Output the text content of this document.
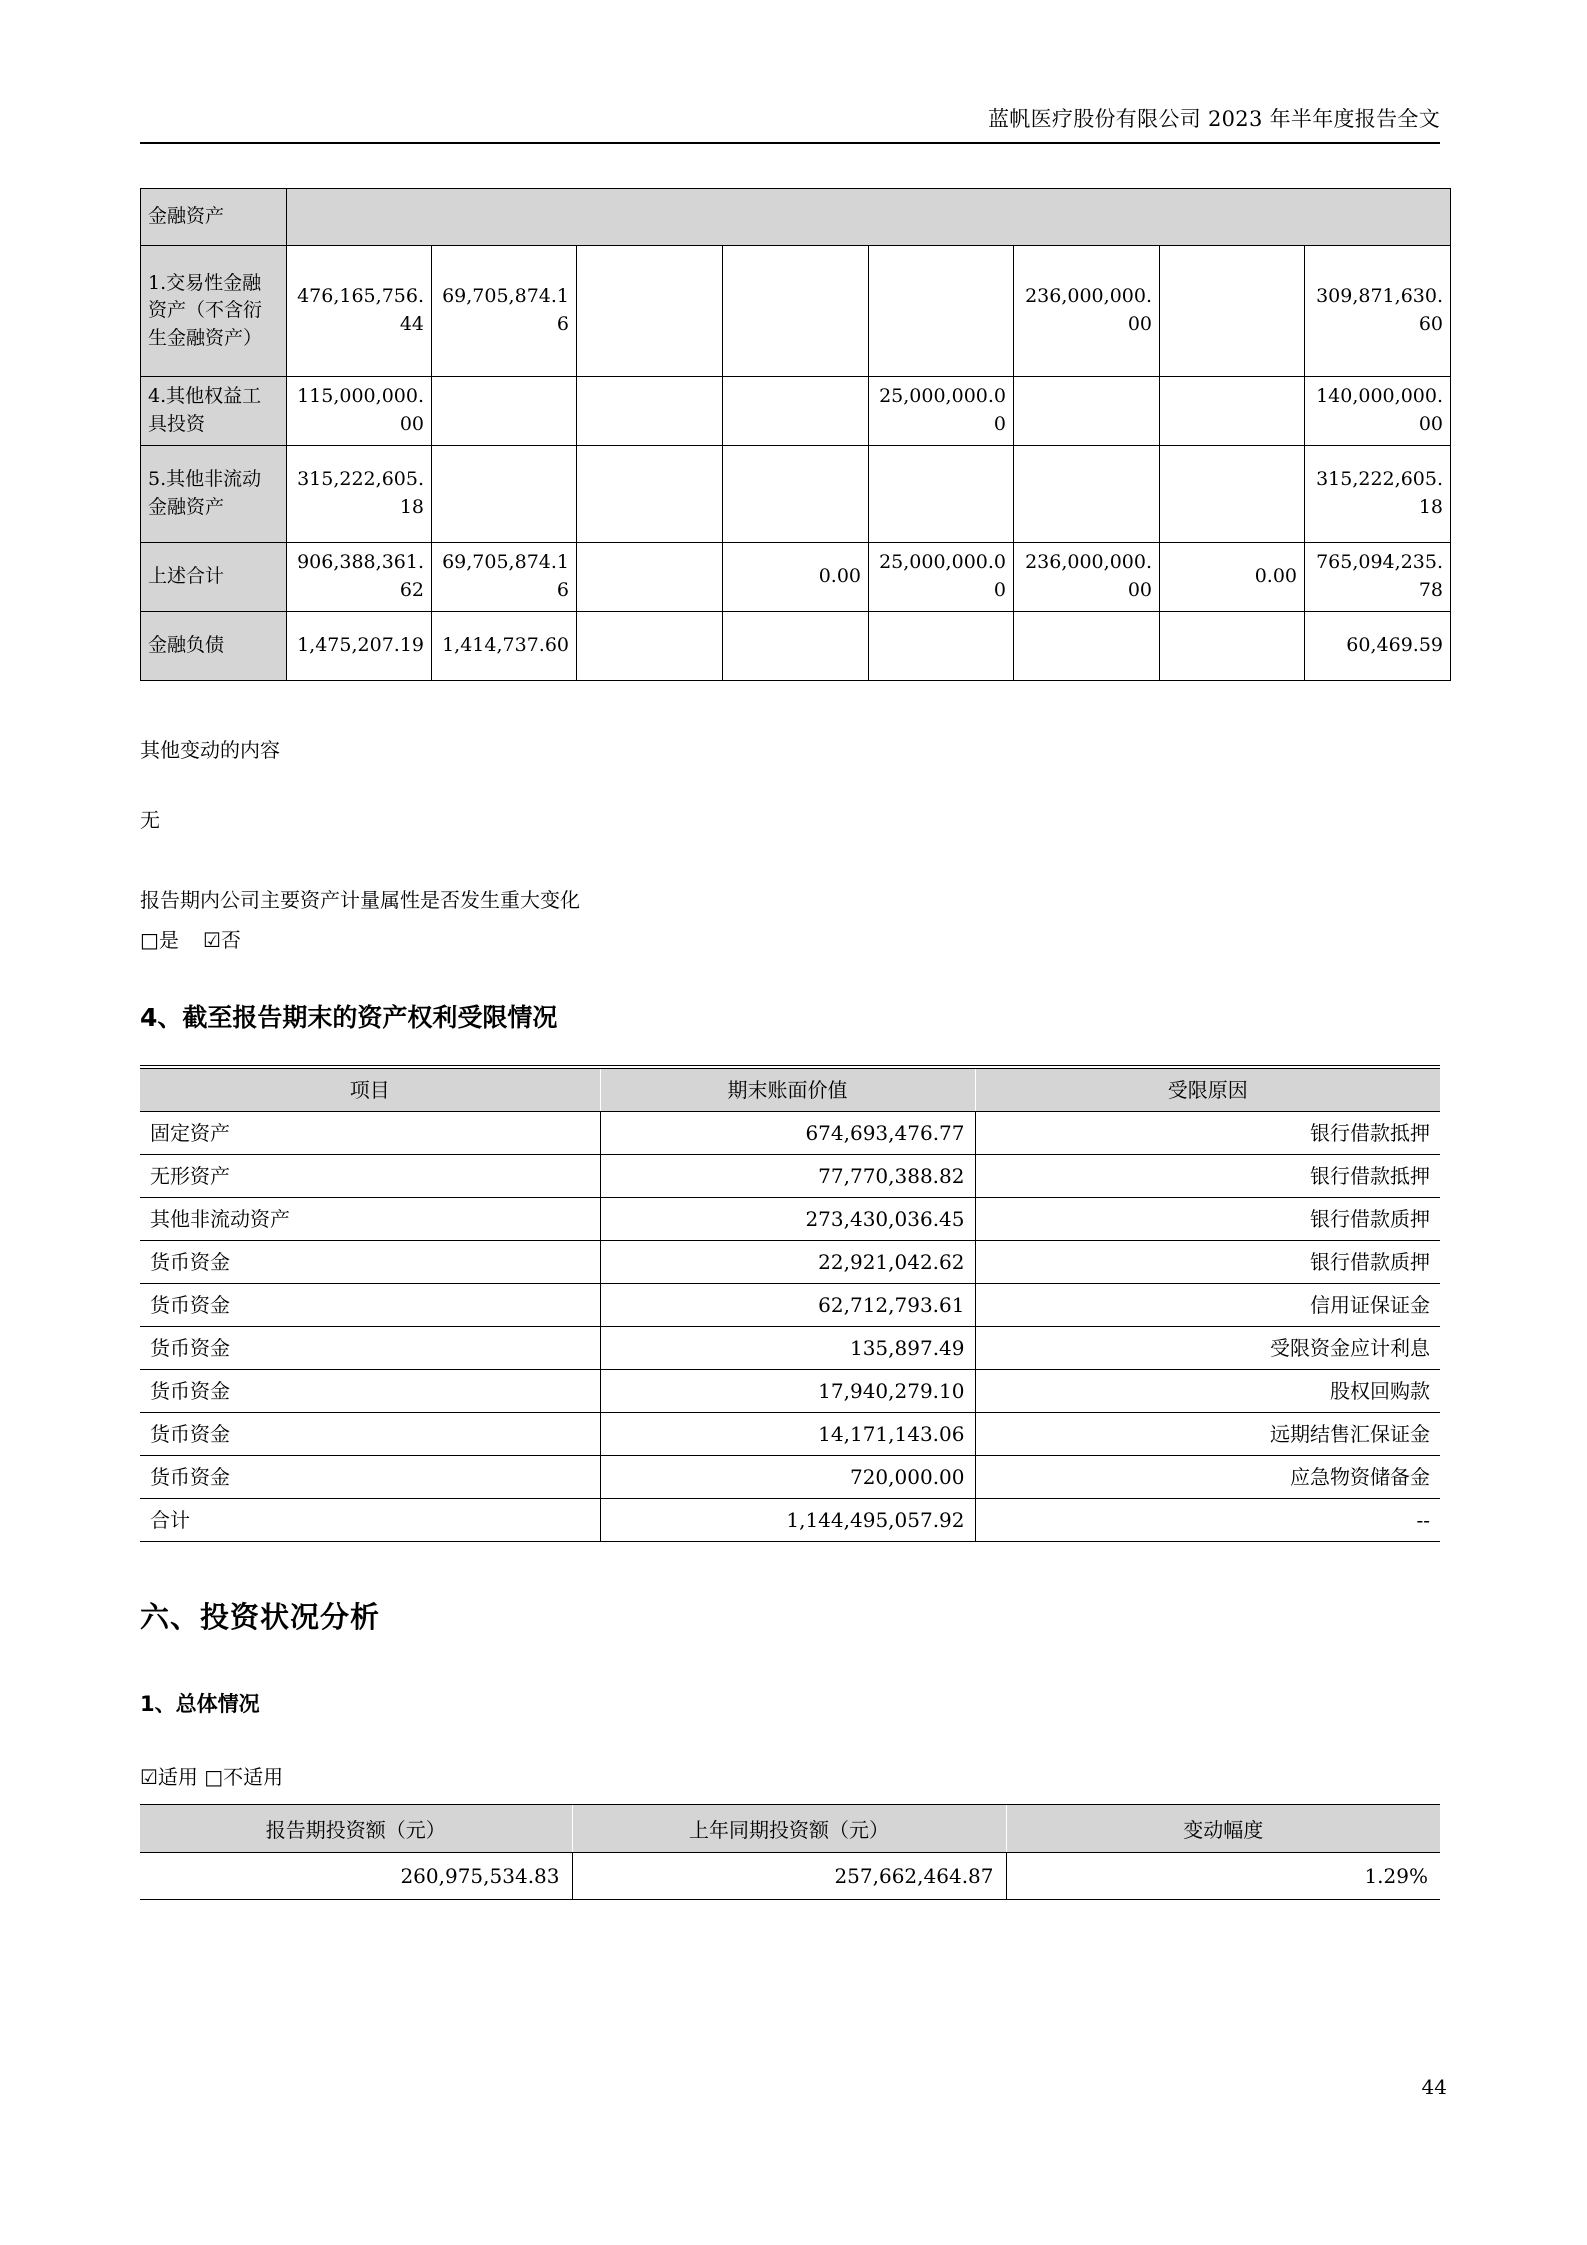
蓝帆医疗股份有限公司 2023 年半年度报告全文
金融资产								
1.交易性金融资产（不含衍生金融资产）	476,165,756.44	69,705,874.16				236,000,000.00		309,871,630.60
4.其他权益工具投资	115,000,000.00				25,000,000.00			140,000,000.00
5.其他非流动金融资产	315,222,605.18							315,222,605.18
上述合计	906,388,361.62	69,705,874.16		0.00	25,000,000.00	236,000,000.00	0.00	765,094,235.78
金融负债	1,475,207.19	1,414,737.60						60,469.59
其他变动的内容
无
报告期内公司主要资产计量属性是否发生重大变化
□是 ☑否
4、截至报告期末的资产权利受限情况
项目	期末账面价值	受限原因
固定资产	674,693,476.77	银行借款抵押
无形资产	77,770,388.82	银行借款抵押
其他非流动资产	273,430,036.45	银行借款质押
货币资金	22,921,042.62	银行借款质押
货币资金	62,712,793.61	信用证保证金
货币资金	135,897.49	受限资金应计利息
货币资金	17,940,279.10	股权回购款
货币资金	14,171,143.06	远期结售汇保证金
货币资金	720,000.00	应急物资储备金
合计	1,144,495,057.92	--
六、投资状况分析
1、总体情况
☑适用 □不适用
报告期投资额（元）	上年同期投资额（元）	变动幅度
260,975,534.83	257,662,464.87	1.29%
44
